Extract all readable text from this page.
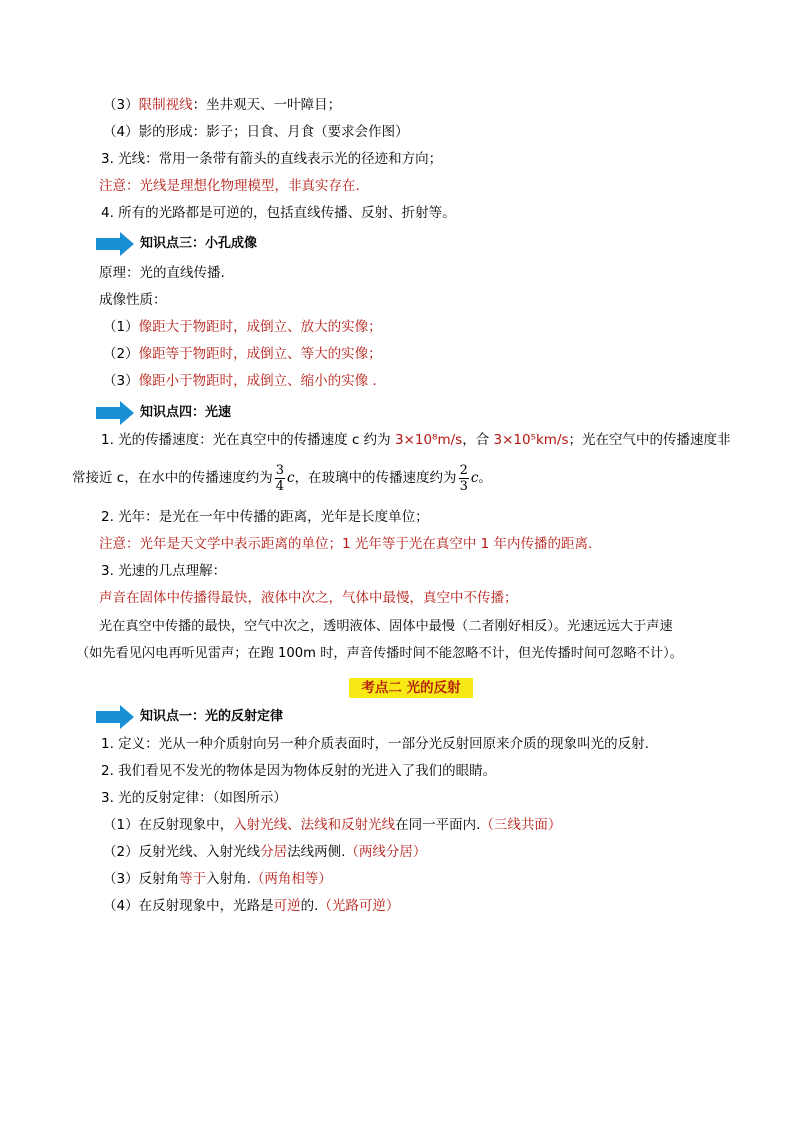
（3）限制视线：坐井观天、一叶障目；
（4）影的形成：影子；日食、月食（要求会作图）
3. 光线：常用一条带有箭头的直线表示光的径迹和方向；
注意：光线是理想化物理模型，非真实存在.
4. 所有的光路都是可逆的，包括直线传播、反射、折射等。
知识点三：小孔成像
原理：光的直线传播.
成像性质：
（1）像距大于物距时，成倒立、放大的实像；
（2）像距等于物距时，成倒立、等大的实像；
（3）像距小于物距时，成倒立、缩小的实像 .
知识点四：光速
1. 光的传播速度：光在真空中的传播速度 c 约为 3×10⁸m/s，合 3×10⁵km/s；光在空气中的传播速度非
常接近 c，在水中的传播速度约为 $\frac{3}{4}$ c，在玻璃中的传播速度约为 $\frac{2}{3}$ c。
2. 光年：是光在一年中传播的距离，光年是长度单位；
注意：光年是天文学中表示距离的单位；1 光年等于光在真空中 1 年内传播的距离.
3. 光速的几点理解：
声音在固体中传播得最快，液体中次之，气体中最慢，真空中不传播；
光在真空中传播的最快，空气中次之，透明液体、固体中最慢（二者刚好相反）。光速远远大于声速
（如先看见闪电再听见雷声；在跑 100m 时，声音传播时间不能忽略不计，但光传播时间可忽略不计）。
考点二 光的反射
知识点一：光的反射定律
1. 定义：光从一种介质射向另一种介质表面时，一部分光反射回原来介质的现象叫光的反射.
2. 我们看见不发光的物体是因为物体反射的光进入了我们的眼睛。
3. 光的反射定律：（如图所示）
（1）在反射现象中，入射光线、法线和反射光线在同一平面内.（三线共面）
（2）反射光线、入射光线分居法线两侧.（两线分居）
（3）反射角等于入射角.（两角相等）
（4）在反射现象中，光路是可逆的.（光路可逆）
